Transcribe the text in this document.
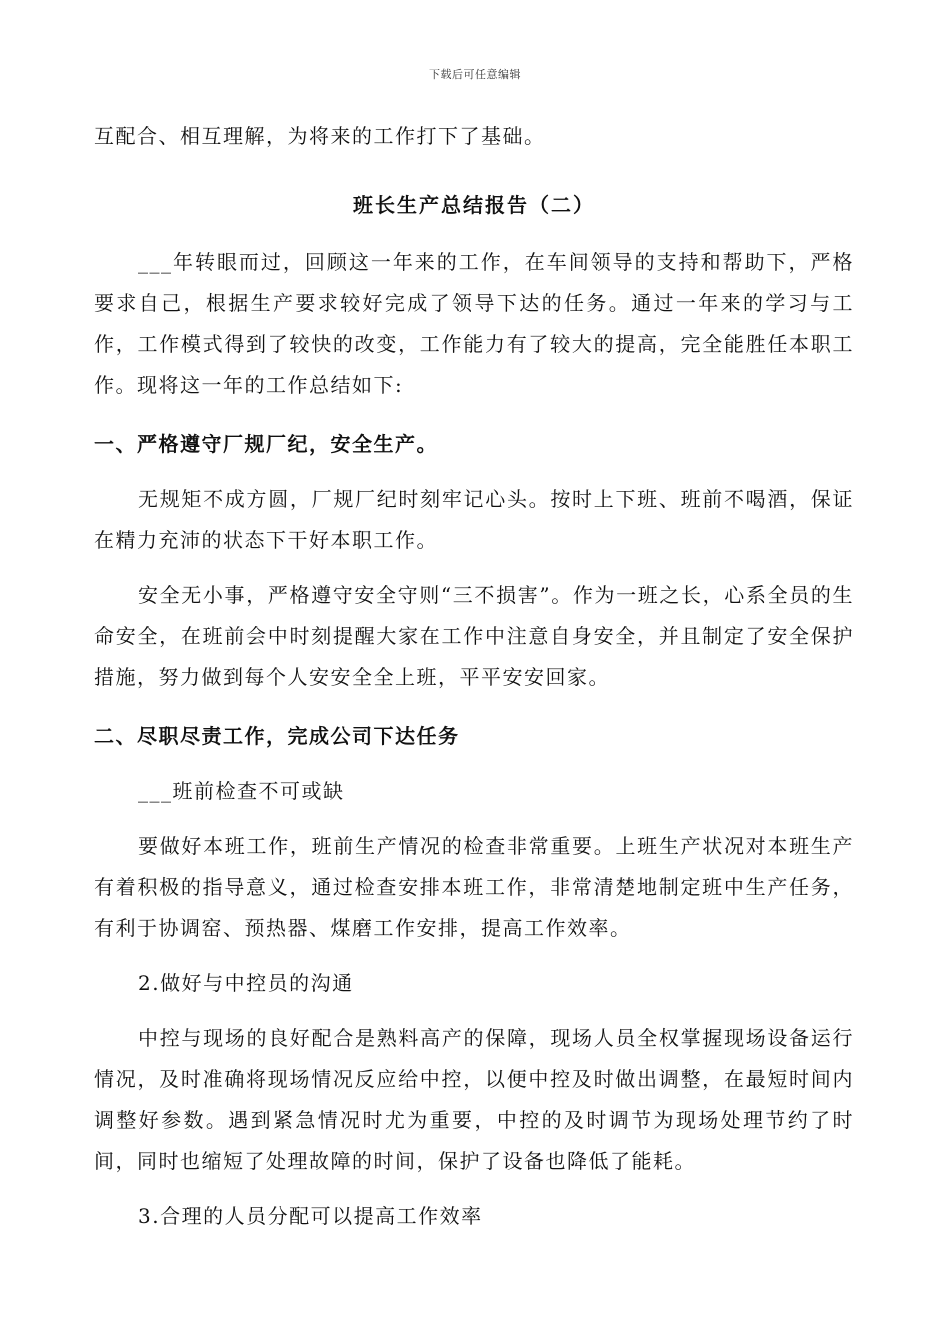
下载后可任意编辑

互配合、相互理解，为将来的工作打下了基础。

班长生产总结报告（二）

___年转眼而过，回顾这一年来的工作，在车间领导的支持和帮助下，严格要求自己，根据生产要求较好完成了领导下达的任务。通过一年来的学习与工作，工作模式得到了较快的改变，工作能力有了较大的提高，完全能胜任本职工作。现将这一年的工作总结如下:

一、严格遵守厂规厂纪，安全生产。

无规矩不成方圆，厂规厂纪时刻牢记心头。按时上下班、班前不喝酒，保证在精力充沛的状态下干好本职工作。

安全无小事，严格遵守安全守则“三不损害”。作为一班之长，心系全员的生命安全，在班前会中时刻提醒大家在工作中注意自身安全，并且制定了安全保护措施，努力做到每个人安安全全上班，平平安安回家。

二、尽职尽责工作，完成公司下达任务

___班前检查不可或缺

要做好本班工作，班前生产情况的检查非常重要。上班生产状况对本班生产有着积极的指导意义，通过检查安排本班工作，非常清楚地制定班中生产任务，有利于协调窑、预热器、煤磨工作安排，提高工作效率。

2.做好与中控员的沟通

中控与现场的良好配合是熟料高产的保障，现场人员全权掌握现场设备运行情况，及时准确将现场情况反应给中控，以便中控及时做出调整，在最短时间内调整好参数。遇到紧急情况时尤为重要，中控的及时调节为现场处理节约了时间，同时也缩短了处理故障的时间，保护了设备也降低了能耗。

3.合理的人员分配可以提高工作效率
